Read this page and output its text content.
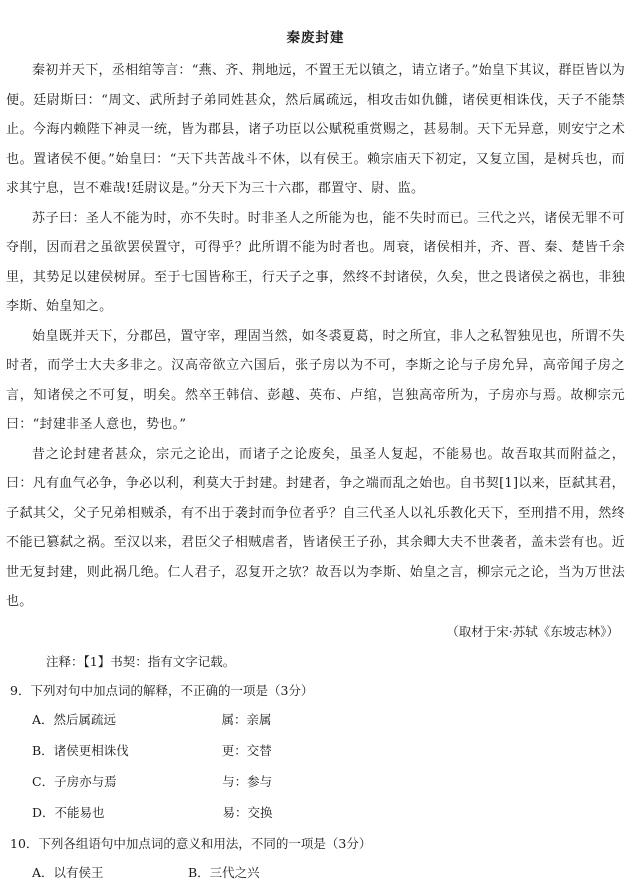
秦废封建

秦初并天下，丞相绾等言：“燕、齐、荆地远，不置王无以镇之，请立诸子。”始皇下其议，群臣皆以为便。廷尉斯曰：“周文、武所封子弟同姓甚众，然后属疏远，相攻击如仇雠，诸侯更相诛伐，天子不能禁止。今海内赖陛下神灵一统，皆为郡县，诸子功臣以公赋税重赏赐之，甚易制。天下无异意，则安宁之术也。置诸侯不便。”始皇曰：“天下共苦战斗不休，以有侯王。赖宗庙天下初定，又复立国，是树兵也，而求其宁息，岂不难哉!廷尉议是。”分天下为三十六郡，郡置守、尉、监。

苏子曰：圣人不能为时，亦不失时。时非圣人之所能为也，能不失时而已。三代之兴，诸侯无罪不可夺削，因而君之虽欲罢侯置守，可得乎？此所谓不能为时者也。周衰，诸侯相并，齐、晋、秦、楚皆千余里，其势足以建侯树屏。至于七国皆称王，行天子之事，然终不封诸侯，久矣，世之畏诸侯之祸也，非独李斯、始皇知之。

始皇既并天下，分郡邑，置守宰，理固当然，如冬裘夏葛，时之所宜，非人之私智独见也，所谓不失时者，而学士大夫多非之。汉高帝欲立六国后，张子房以为不可，李斯之论与子房允异，高帝闻子房之言，知诸侯之不可复，明矣。然卒王韩信、彭越、英布、卢绾，岂独高帝所为，子房亦与焉。故柳宗元曰：“封建非圣人意也，势也。”

昔之论封建者甚众，宗元之论出，而诸子之论废矣，虽圣人复起，不能易也。故吾取其而附益之，曰：凡有血气必争，争必以利，利莫大于封建。封建者，争之端而乱之始也。自书契[1]以来，臣弑其君，子弑其父，父子兄弟相贼杀，有不出于袭封而争位者乎？自三代圣人以礼乐教化天下，至刑措不用，然终不能已篡弑之祸。至汉以来，君臣父子相贼虐者，皆诸侯王子孙，其余卿大夫不世袭者，盖未尝有也。近世无复封建，则此祸几绝。仁人君子，忍复开之欤？故吾以为李斯、始皇之言，柳宗元之论，当为万世法也。

（取材于宋·苏轼《东坡志林》）
注释：【1】书契：指有文字记载。
9．下列对句中加点词的解释，不正确的一项是（3分）
A． 然后属疏远	属：亲属
B． 诸侯更相诛伐	更：交替
C． 子房亦与焉	与：参与
D． 不能易也	易：交换
10．下列各组语句中加点词的意义和用法，不同的一项是（3分）
A．以有侯王	B．三代之兴
